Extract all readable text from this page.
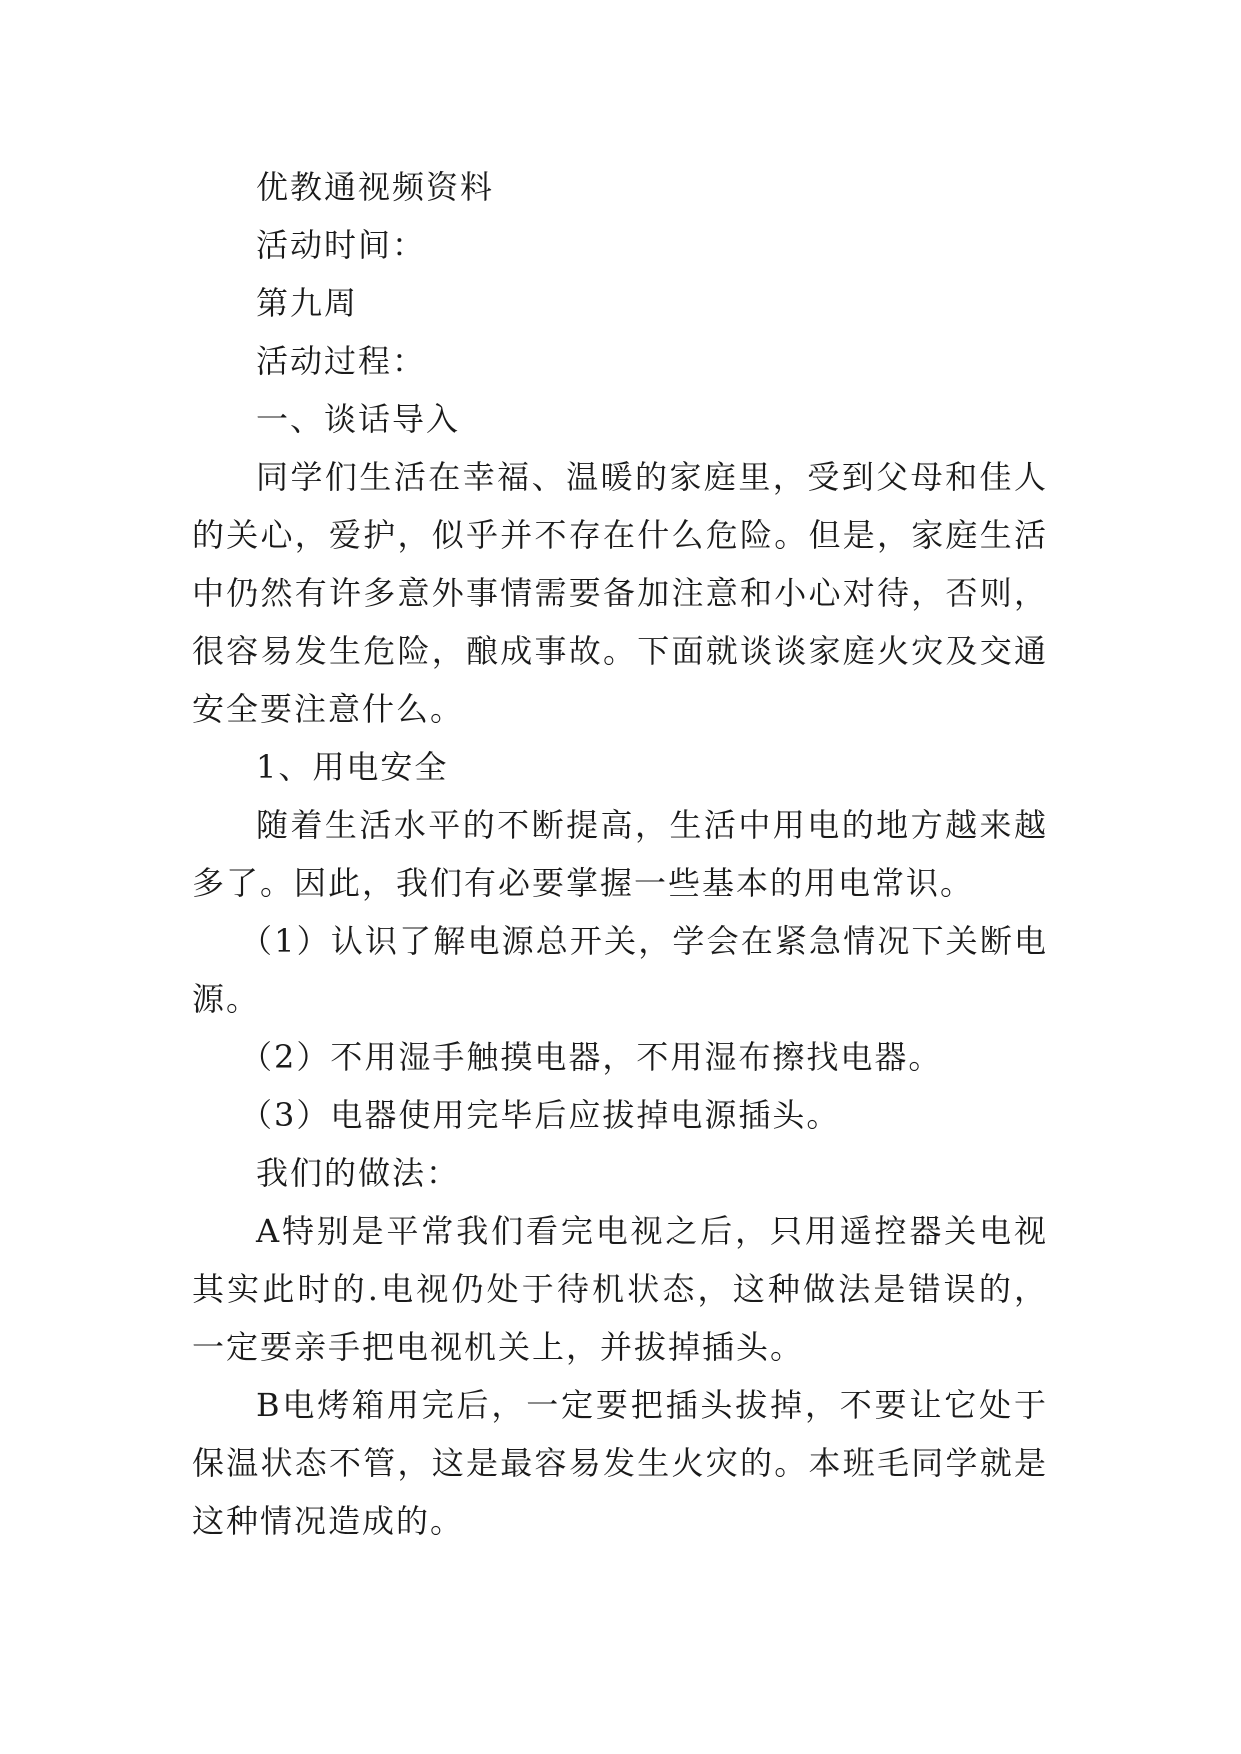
优教通视频资料

活动时间：

第九周

活动过程：

一、谈话导入

同学们生活在幸福、温暖的家庭里，受到父母和佳人的关心，爱护，似乎并不存在什么危险。但是，家庭生活中仍然有许多意外事情需要备加注意和小心对待，否则，很容易发生危险，酿成事故。下面就谈谈家庭火灾及交通安全要注意什么。

1、用电安全

随着生活水平的不断提高，生活中用电的地方越来越多了。因此，我们有必要掌握一些基本的用电常识。

（1）认识了解电源总开关，学会在紧急情况下关断电源。

（2）不用湿手触摸电器，不用湿布擦找电器。

（3）电器使用完毕后应拔掉电源插头。

我们的做法：

A特别是平常我们看完电视之后，只用遥控器关电视其实此时的.电视仍处于待机状态，这种做法是错误的，一定要亲手把电视机关上，并拔掉插头。

B电烤箱用完后，一定要把插头拔掉，不要让它处于保温状态不管，这是最容易发生火灾的。本班毛同学就是这种情况造成的。
